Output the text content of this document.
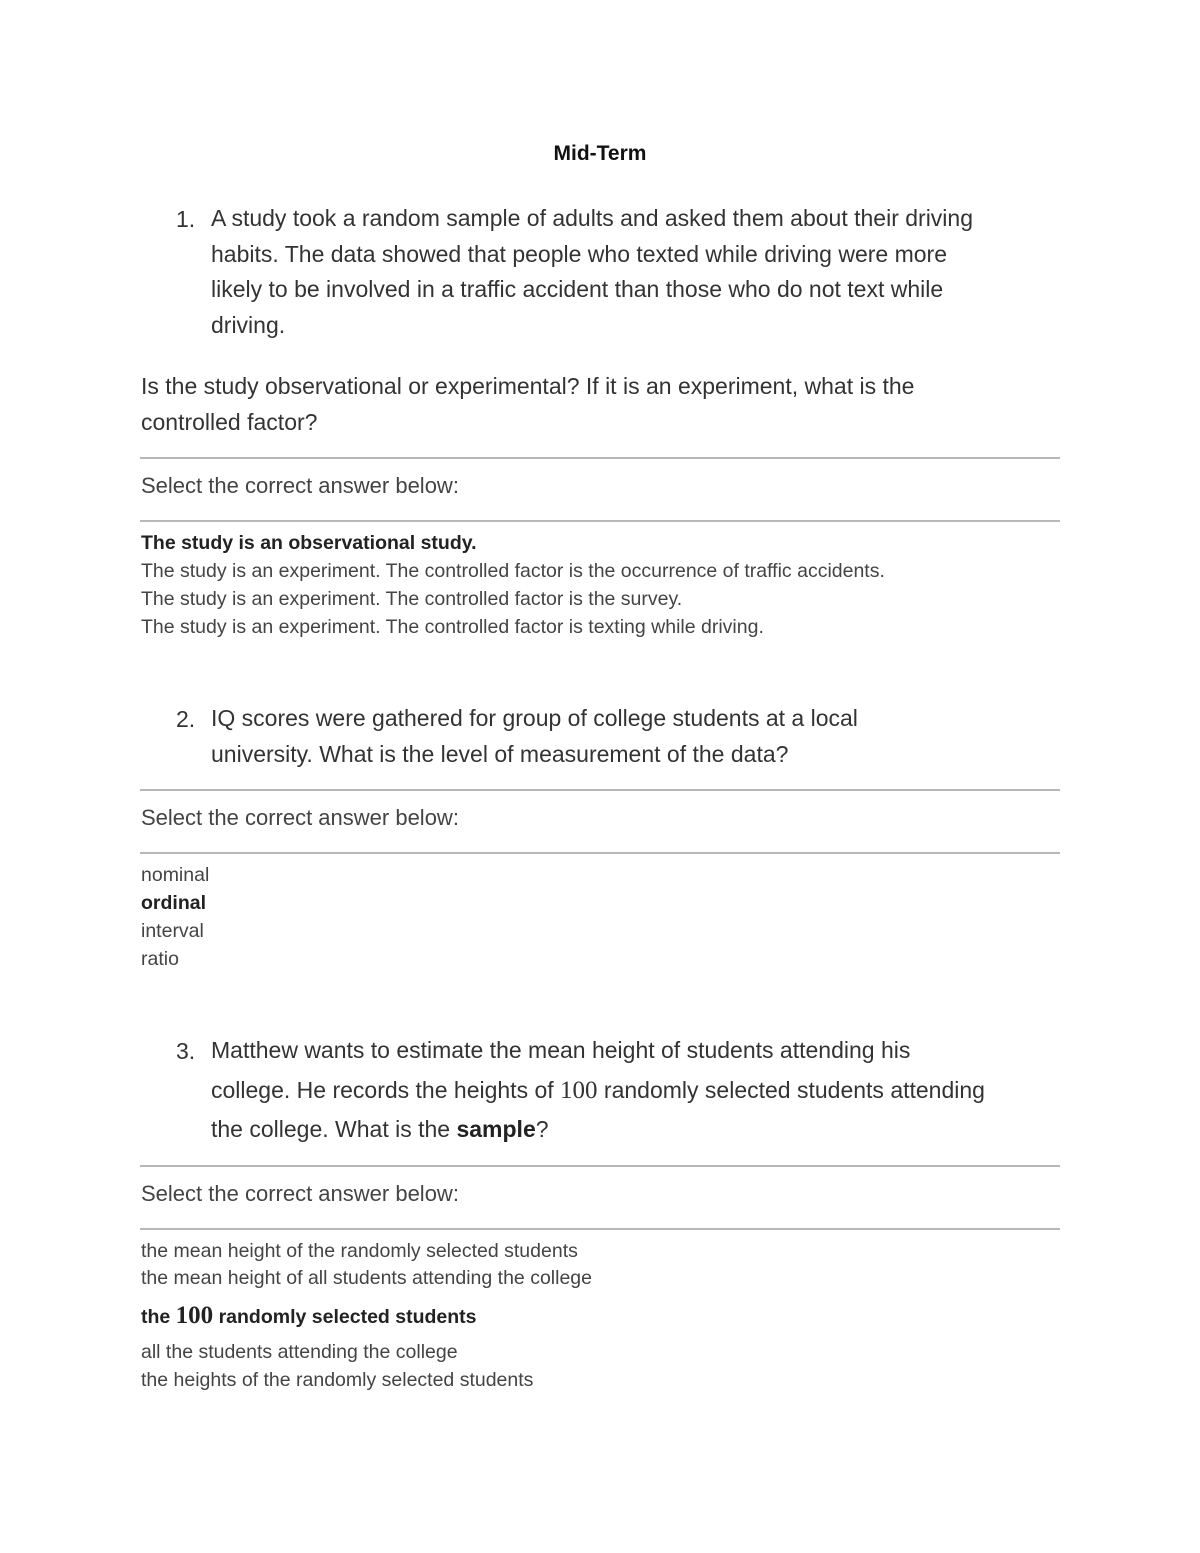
Mid-Term
1. A study took a random sample of adults and asked them about their driving
habits. The data showed that people who texted while driving were more
likely to be involved in a traffic accident than those who do not text while
driving.
Is the study observational or experimental? If it is an experiment, what is the
controlled factor?
Select the correct answer below:
The study is an observational study.
The study is an experiment. The controlled factor is the occurrence of traffic accidents.
The study is an experiment. The controlled factor is the survey.
The study is an experiment. The controlled factor is texting while driving.
2. IQ scores were gathered for group of college students at a local
university. What is the level of measurement of the data?
Select the correct answer below:
nominal
ordinal
interval
ratio
3. Matthew wants to estimate the mean height of students attending his
college. He records the heights of 100 randomly selected students attending
the college. What is the sample?
Select the correct answer below:
the mean height of the randomly selected students
the mean height of all students attending the college
the 100 randomly selected students
all the students attending the college
the heights of the randomly selected students
